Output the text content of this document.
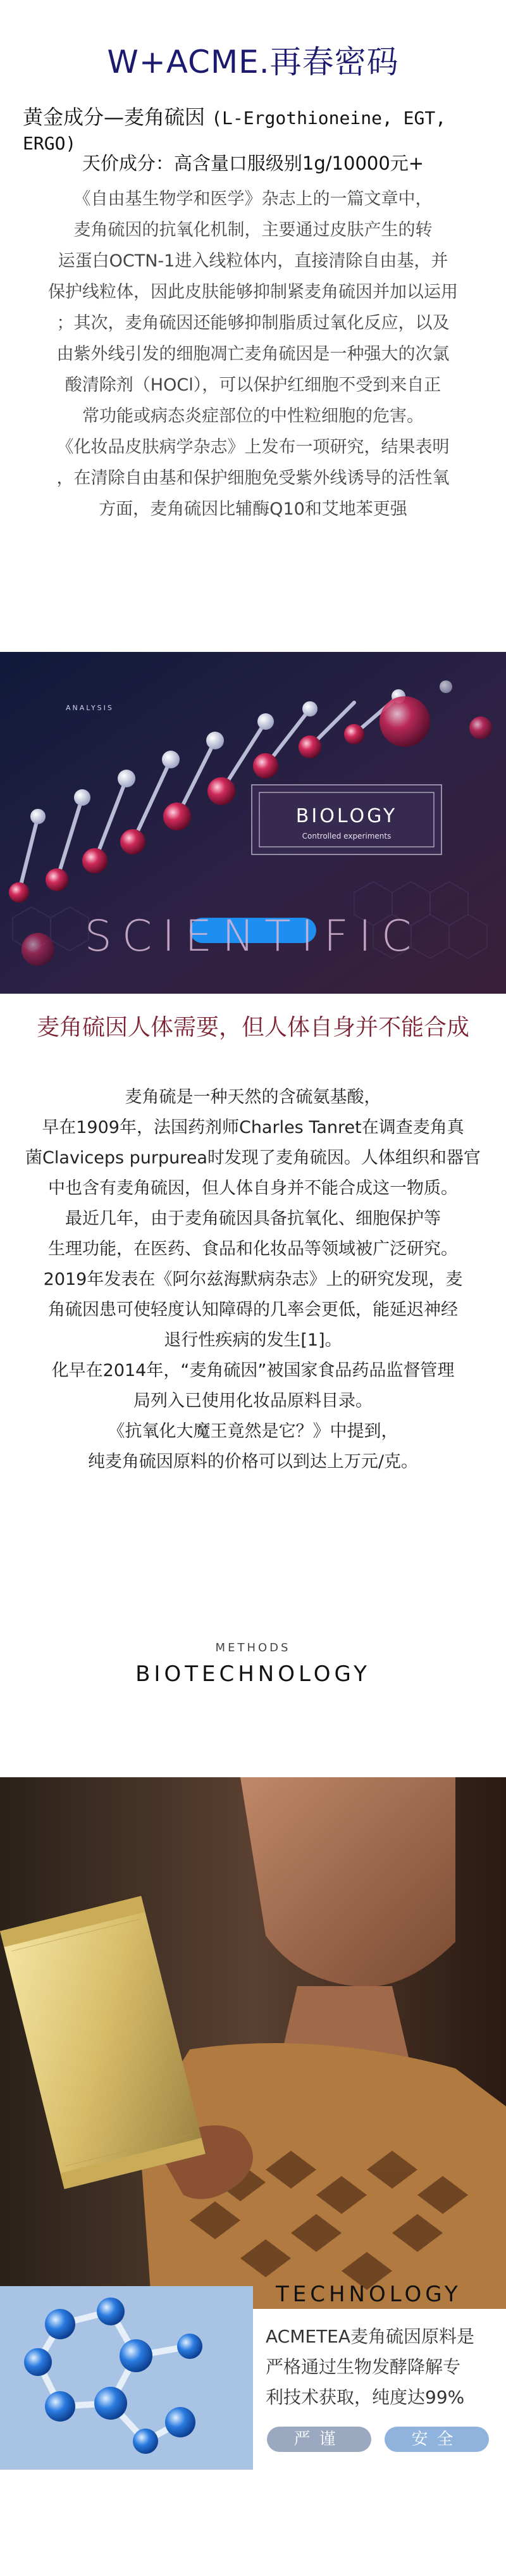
W+ACME.再春密码
黄金成分—麦角硫因 (L-Ergothioneine, EGT, ERGO)
天价成分：高含量口服级别1g/10000元+
《自由基生物学和医学》杂志上的一篇文章中，
麦角硫因的抗氧化机制，主要通过皮肤产生的转
运蛋白OCTN-1进入线粒体内，直接清除自由基，并
保护线粒体，因此皮肤能够抑制紧麦角硫因并加以运用
；其次，麦角硫因还能够抑制脂质过氧化反应，以及
由紫外线引发的细胞凋亡麦角硫因是一种强大的次氯
酸清除剂（HOCl），可以保护红细胞不受到来自正
常功能或病态炎症部位的中性粒细胞的危害。
《化妆品皮肤病学杂志》上发布一项研究，结果表明
，在清除自由基和保护细胞免受紫外线诱导的活性氧
方面，麦角硫因比辅酶Q10和艾地苯更强
ANALYSIS
BIOLOGY
Controlled experiments
SCIENTIFIC
麦角硫因人体需要，但人体自身并不能合成
麦角硫是一种天然的含硫氨基酸，
早在1909年，法国药剂师Charles Tanret在调查麦角真
菌Claviceps purpurea时发现了麦角硫因。人体组织和器官
中也含有麦角硫因，但人体自身并不能合成这一物质。
最近几年，由于麦角硫因具备抗氧化、细胞保护等
生理功能，在医药、食品和化妆品等领域被广泛研究。
2019年发表在《阿尔兹海默病杂志》上的研究发现，麦
角硫因患可使轻度认知障碍的几率会更低，能延迟神经
退行性疾病的发生[1]。
化早在2014年，“麦角硫因”被国家食品药品监督管理
局列入已使用化妆品原料目录。
《抗氧化大魔王竟然是它？》中提到，
纯麦角硫因原料的价格可以到达上万元/克。
METHODS
BIOTECHNOLOGY
TECHNOLOGY
ACMETEA麦角硫因原料是
严格通过生物发酵降解专
利技术获取，纯度达99%
严谨	安全
